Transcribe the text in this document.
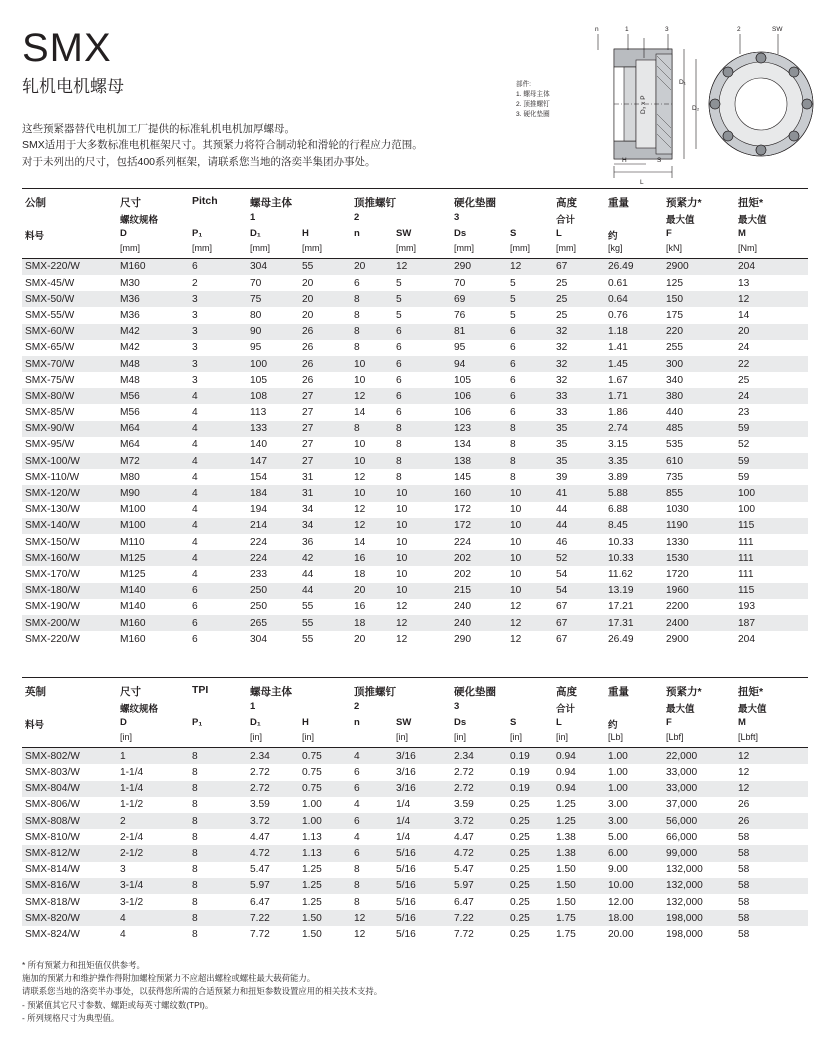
SMX

轧机电机螺母

n	1	3	2	SW
D₁
D₂
D₃ x P
H	S
L
部件:
1. 螺母主体
2. 顶推螺钉
3. 硬化垫圈
这些预紧器替代电机加工厂提供的标准轧机电机加厚螺母。
SMX适用于大多数标准电机框架尺寸。其预紧力将符合制动轮和滑轮的行程应力范围。
对于未列出的尺寸，包括400系列框架，请联系您当地的洛奕半集团办事处。
公制	尺寸	Pitch	螺母主体		顶推螺钉		硬化垫圈		高度	重量	预紧力*	扭矩*
	螺纹规格		1		2		3		合计		最大值	最大值
料号	D	P₁	D₁	H	n	SW	Ds	S	L	约	F	M
	[mm]	[mm]	[mm]	[mm]		[mm]	[mm]	[mm]	[mm]	[kg]	[kN]	[Nm]
SMX-220/W	M160	6	304	55	20	12	290	12	67	26.49	2900	204
SMX-45/W	M30	2	70	20	6	5	70	5	25	0.61	125	13
SMX-50/W	M36	3	75	20	8	5	69	5	25	0.64	150	12
SMX-55/W	M36	3	80	20	8	5	76	5	25	0.76	175	14
SMX-60/W	M42	3	90	26	8	6	81	6	32	1.18	220	20
SMX-65/W	M42	3	95	26	8	6	95	6	32	1.41	255	24
SMX-70/W	M48	3	100	26	10	6	94	6	32	1.45	300	22
SMX-75/W	M48	3	105	26	10	6	105	6	32	1.67	340	25
SMX-80/W	M56	4	108	27	12	6	106	6	33	1.71	380	24
SMX-85/W	M56	4	113	27	14	6	106	6	33	1.86	440	23
SMX-90/W	M64	4	133	27	8	8	123	8	35	2.74	485	59
SMX-95/W	M64	4	140	27	10	8	134	8	35	3.15	535	52
SMX-100/W	M72	4	147	27	10	8	138	8	35	3.35	610	59
SMX-110/W	M80	4	154	31	12	8	145	8	39	3.89	735	59
SMX-120/W	M90	4	184	31	10	10	160	10	41	5.88	855	100
SMX-130/W	M100	4	194	34	12	10	172	10	44	6.88	1030	100
SMX-140/W	M100	4	214	34	12	10	172	10	44	8.45	1190	115
SMX-150/W	M110	4	224	36	14	10	224	10	46	10.33	1330	111
SMX-160/W	M125	4	224	42	16	10	202	10	52	10.33	1530	111
SMX-170/W	M125	4	233	44	18	10	202	10	54	11.62	1720	111
SMX-180/W	M140	6	250	44	20	10	215	10	54	13.19	1960	115
SMX-190/W	M140	6	250	55	16	12	240	12	67	17.21	2200	193
SMX-200/W	M160	6	265	55	18	12	240	12	67	17.31	2400	187
SMX-220/W	M160	6	304	55	20	12	290	12	67	26.49	2900	204
英制	尺寸	TPI	螺母主体		顶推螺钉		硬化垫圈		高度	重量	预紧力*	扭矩*
	螺纹规格		1		2		3		合计		最大值	最大值
料号	D	P₁	D₁	H	n	SW	Ds	S	L	约	F	M
	[in]		[in]	[in]		[in]	[in]	[in]	[in]	[Lb]	[Lbf]	[Lbft]
SMX-802/W	1	8	2.34	0.75	4	3/16	2.34	0.19	0.94	1.00	22,000	12
SMX-803/W	1-1/4	8	2.72	0.75	6	3/16	2.72	0.19	0.94	1.00	33,000	12
SMX-804/W	1-1/4	8	2.72	0.75	6	3/16	2.72	0.19	0.94	1.00	33,000	12
SMX-806/W	1-1/2	8	3.59	1.00	4	1/4	3.59	0.25	1.25	3.00	37,000	26
SMX-808/W	2	8	3.72	1.00	6	1/4	3.72	0.25	1.25	3.00	56,000	26
SMX-810/W	2-1/4	8	4.47	1.13	4	1/4	4.47	0.25	1.38	5.00	66,000	58
SMX-812/W	2-1/2	8	4.72	1.13	6	5/16	4.72	0.25	1.38	6.00	99,000	58
SMX-814/W	3	8	5.47	1.25	8	5/16	5.47	0.25	1.50	9.00	132,000	58
SMX-816/W	3-1/4	8	5.97	1.25	8	5/16	5.97	0.25	1.50	10.00	132,000	58
SMX-818/W	3-1/2	8	6.47	1.25	8	5/16	6.47	0.25	1.50	12.00	132,000	58
SMX-820/W	4	8	7.22	1.50	12	5/16	7.22	0.25	1.75	18.00	198,000	58
SMX-824/W	4	8	7.72	1.50	12	5/16	7.72	0.25	1.75	20.00	198,000	58
* 所有预紧力和扭矩值仅供参考。
施加的预紧力和维护操作得附加螺栓预紧力不应超出螺栓或螺柱最大载荷能力。
请联系您当地的洛奕半办事处，以获得您所需的合适预紧力和扭矩参数设置应用的相关技术支持。
- 预紧值其它尺寸参数、螺距或每英寸螺纹数(TPI)。
- 所列规格尺寸为典型值。
